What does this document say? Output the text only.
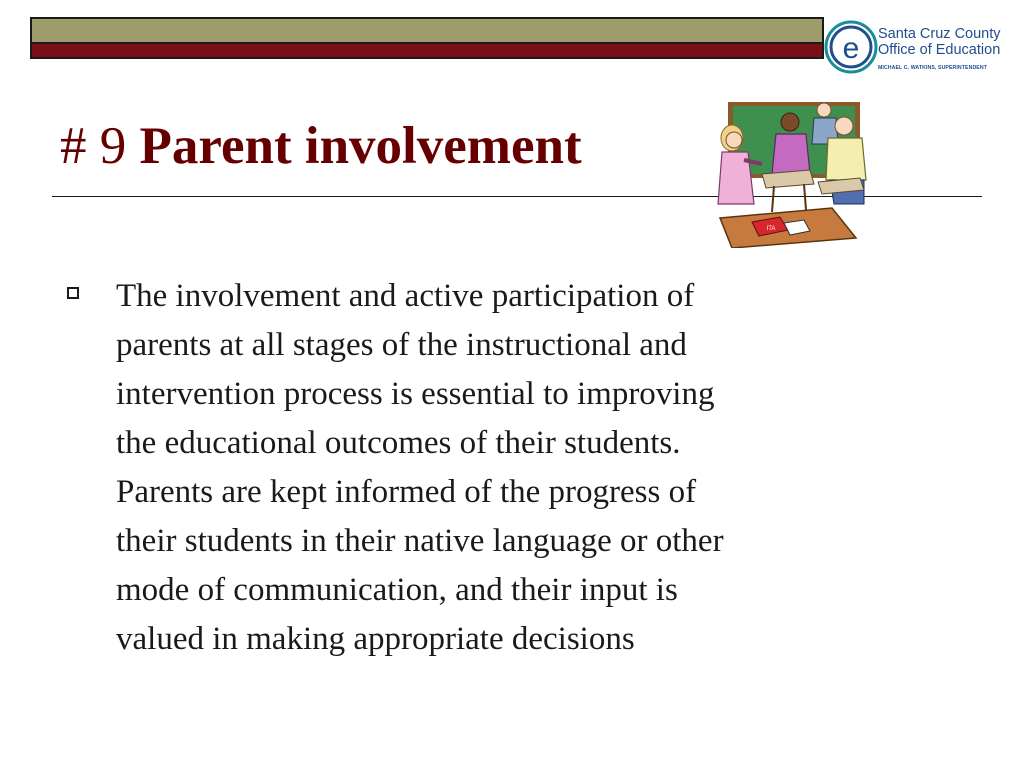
e Santa Cruz County
Office of Education
MICHAEL C. WATKINS, SUPERINTENDENT
# 9 Parent involvement
ITA
The involvement and active participation of
parents at all stages of the instructional and
intervention process is essential to improving
the educational outcomes of their students.
Parents are kept informed of the progress of
their students in their native language or other
mode of communication, and their input is
valued in making appropriate decisions
